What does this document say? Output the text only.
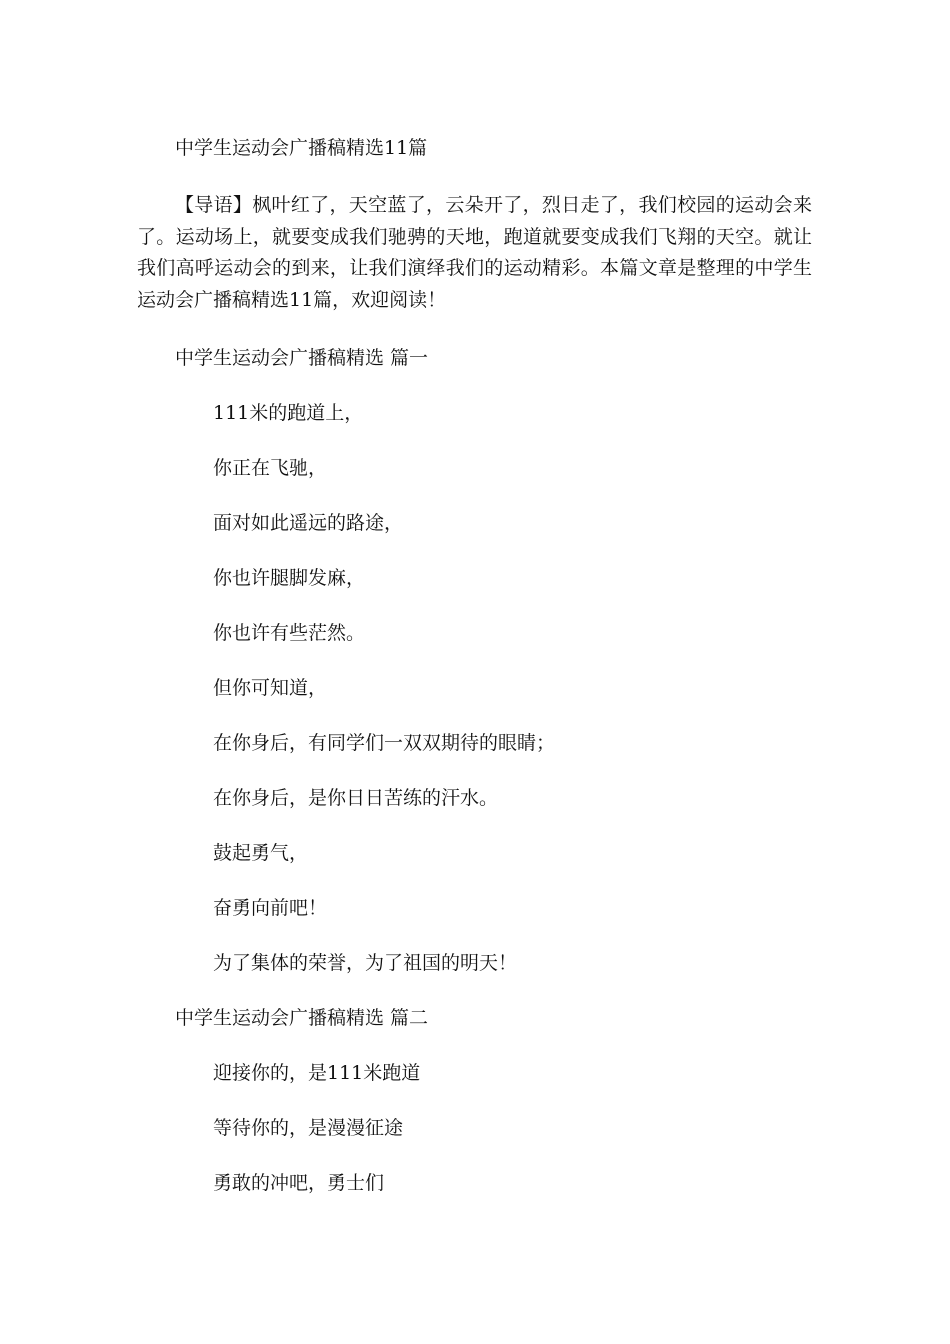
中学生运动会广播稿精选11篇

【导语】枫叶红了，天空蓝了，云朵开了，烈日走了，我们校园的运动会来了。运动场上，就要变成我们驰骋的天地，跑道就要变成我们飞翔的天空。就让我们高呼运动会的到来，让我们演绎我们的运动精彩。本篇文章是整理的中学生运动会广播稿精选11篇，欢迎阅读！

中学生运动会广播稿精选 篇一

111米的跑道上，

你正在飞驰，

面对如此遥远的路途，

你也许腿脚发麻，

你也许有些茫然。

但你可知道，

在你身后，有同学们一双双期待的眼睛；

在你身后，是你日日苦练的汗水。

鼓起勇气，

奋勇向前吧！

为了集体的荣誉，为了祖国的明天！

中学生运动会广播稿精选 篇二

迎接你的，是111米跑道

等待你的，是漫漫征途

勇敢的冲吧，勇士们
